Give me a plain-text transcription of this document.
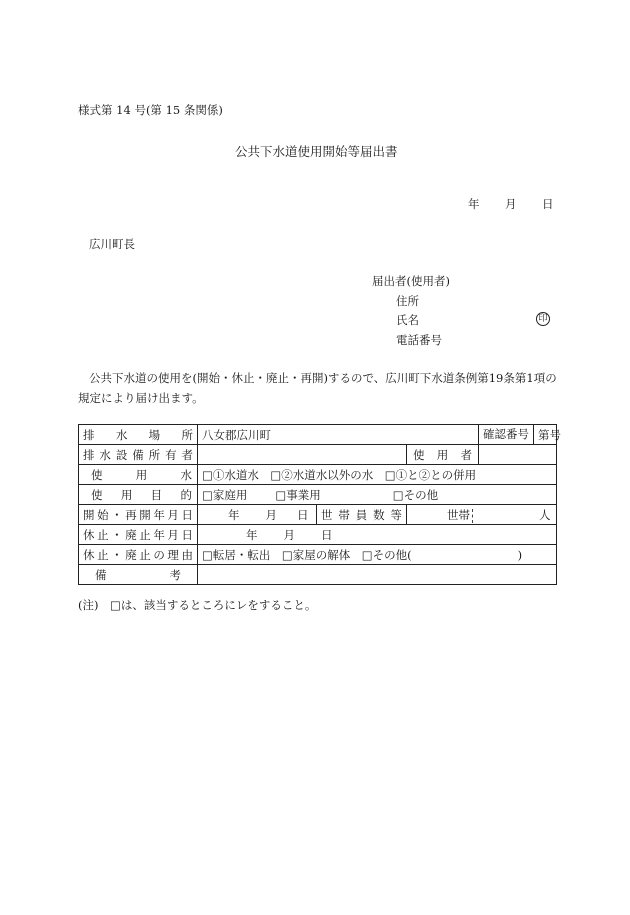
様式第 14 号(第 15 条関係)
公共下水道使用開始等届出書
年 月 日
広川町長
届出者(使用者)
住所
氏名	印
電話番号
公共下水道の使用を(開始・休止・廃止・再開)するので、広川町下水道条例第19条第1項の規定により届け出ます。
排水場所	八女郡広川町			確認番号 第 号

排水設備所有者			使用者	
使用水	□①水道水　□②水道水以外の水　□①と②との併用			
使用目的	□家庭用 □事業用 □その他			
開始・再開年月日	年 月 日	世帯員数等	世帯 人	
休止・廃止年月日	年 月 日			
休止・廃止の理由	□転居・転出　□家屋の解体　□その他( )			
備考				
(注)　□は、該当するところにレをすること。
